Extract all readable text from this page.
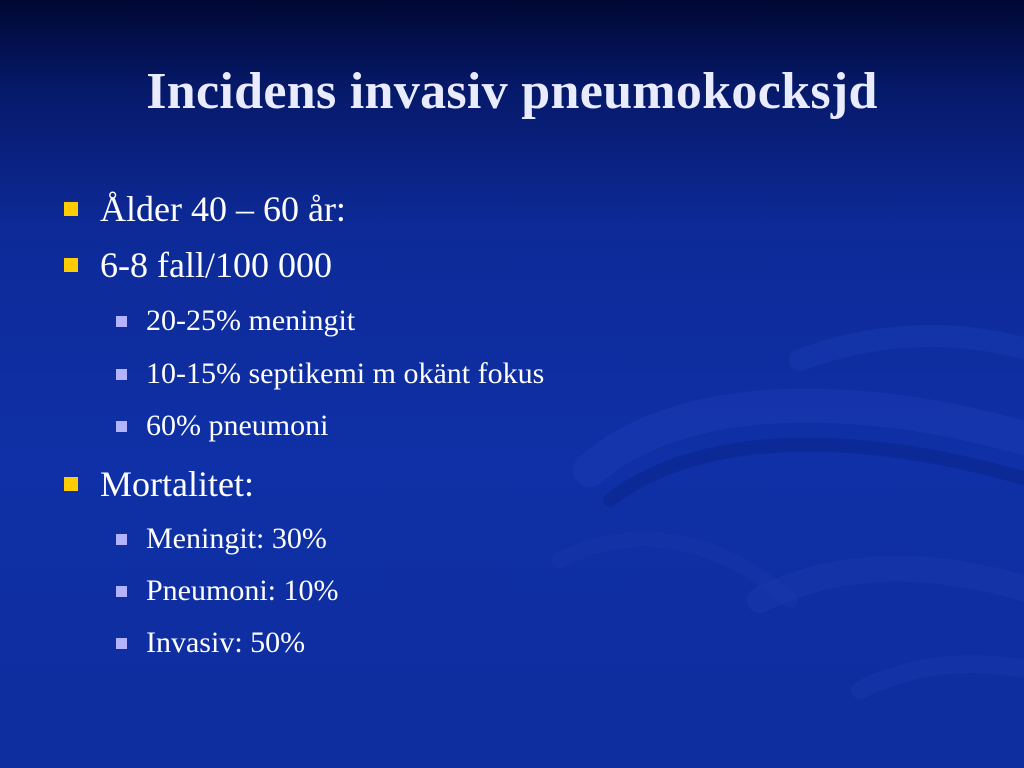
Incidens invasiv pneumokocksjd
Ålder 40 – 60 år:
6-8 fall/100 000
20-25% meningit
10-15% septikemi m okänt fokus
60% pneumoni
Mortalitet:
Meningit: 30%
Pneumoni: 10%
Invasiv: 50%
